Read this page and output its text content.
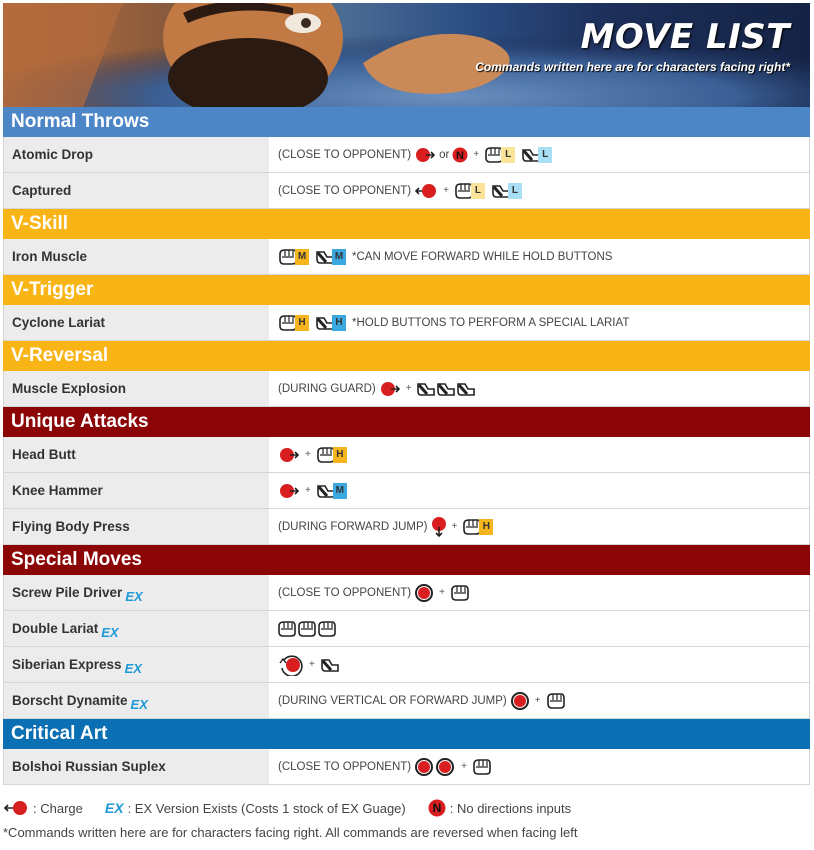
MOVE LIST
Commands written here are for characters facing right*
Normal Throws
Atomic Drop	(CLOSE TO OPPONENT) or N +	L	L
Captured	(CLOSE TO OPPONENT)	+	L	L
V-Skill
Iron Muscle	M	M *CAN MOVE FORWARD WHILE HOLD BUTTONS
V-Trigger
Cyclone Lariat	H	H *HOLD BUTTONS TO PERFORM A SPECIAL LARIAT
V-Reversal
Muscle Explosion	(DURING GUARD)	+
Unique Attacks
Head Butt	+	H
Knee Hammer	+ M
Flying Body Press	(DURING FORWARD JUMP) +	H
Special Moves
Screw Pile Driver EX	(CLOSE TO OPPONENT)	+
Double Lariat EX
Siberian Express EX	+
Borscht Dynamite EX	(DURING VERTICAL OR FORWARD JUMP)	+
Critical Art
Bolshoi Russian Suplex	(CLOSE TO OPPONENT)	+
: Charge EX : EX Version Exists (Costs 1 stock of EX Guage) N : No directions inputs
*Commands written here are for characters facing right. All commands are reversed when facing left
